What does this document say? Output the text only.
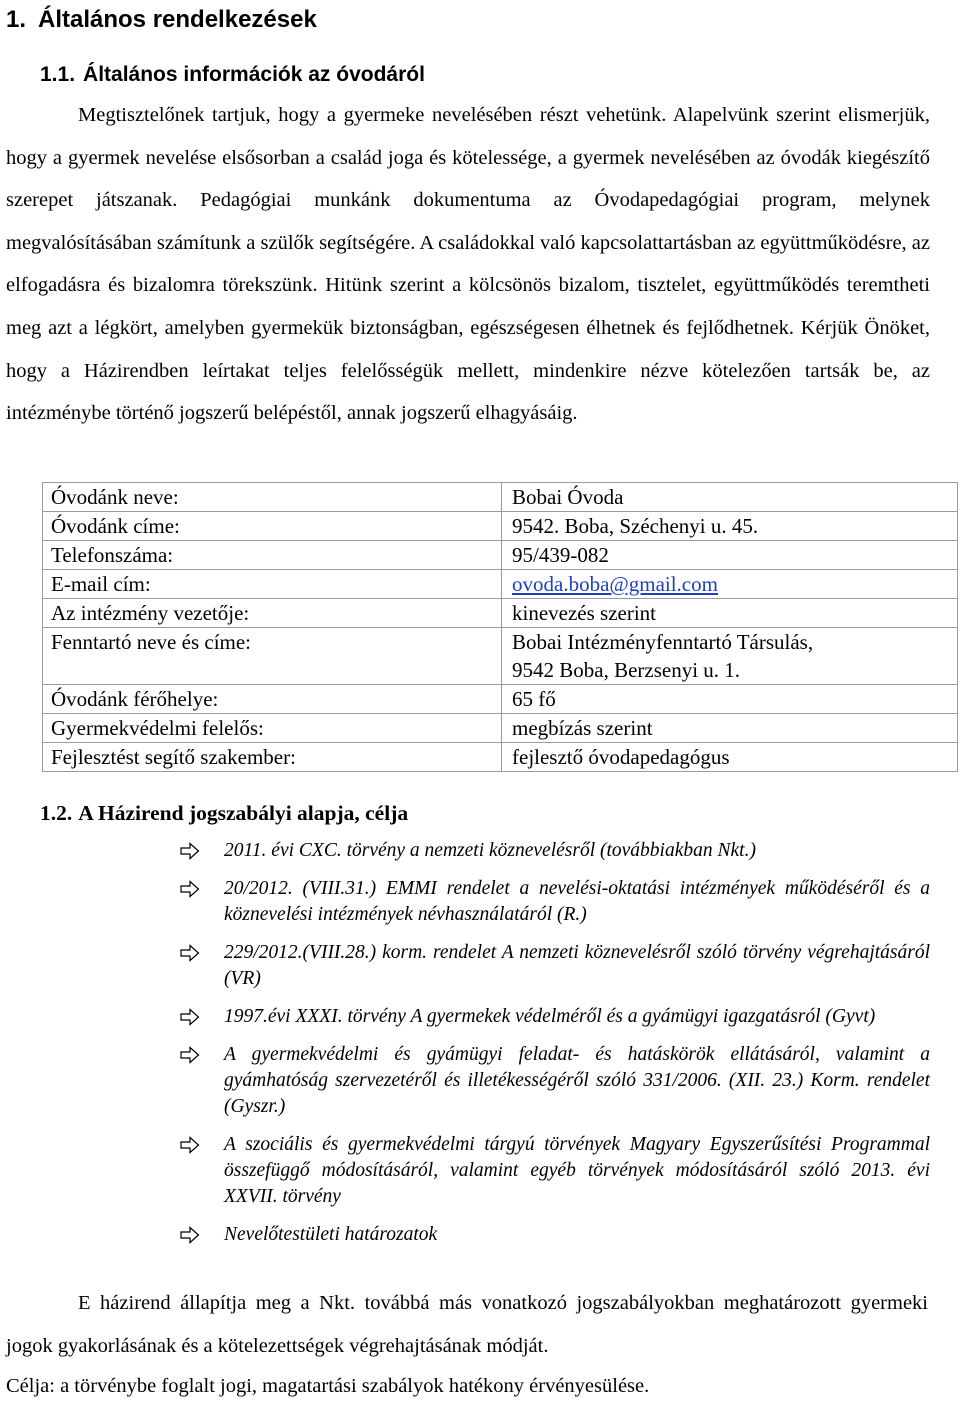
1. Általános rendelkezések
1.1. Általános információk az óvodáról

Megtisztelőnek tartjuk, hogy a gyermeke nevelésében részt vehetünk. Alapelvünk szerint elismerjük, hogy a gyermek nevelése elsősorban a család joga és kötelessége, a gyermek nevelésében az óvodák kiegészítő szerepet játszanak. Pedagógiai munkánk dokumentuma az Óvodapedagógiai program, melynek megvalósításában számítunk a szülők segítségére. A családokkal való kapcsolattartásban az együttműködésre, az elfogadásra és bizalomra törekszünk. Hitünk szerint a kölcsönös bizalom, tisztelet, együttműködés teremtheti meg azt a légkört, amelyben gyermekük biztonságban, egészségesen élhetnek és fejlődhetnek. Kérjük Önöket, hogy a Házirendben leírtakat teljes felelősségük mellett, mindenkire nézve kötelezően tartsák be, az intézménybe történő jogszerű belépéstől, annak jogszerű elhagyásáig.

Óvodánk neve:	Bobai Óvoda
Óvodánk címe:	9542. Boba, Széchenyi u. 45.
Telefonszáma:	95/439-082
E-mail cím:	ovoda.boba@gmail.com
Az intézmény vezetője:	kinevezés szerint
Fenntartó neve és címe:	Bobai Intézményfenntartó Társulás,
9542 Boba, Berzsenyi u. 1.

Óvodánk férőhelye:	65 fő
Gyermekvédelmi felelős:	megbízás szerint
Fejlesztést segítő szakember:	fejlesztő óvodapedagógus
1.2. A Házirend jogszabályi alapja, célja
2011. évi CXC. törvény a nemzeti köznevelésről (továbbiakban Nkt.)
20/2012. (VIII.31.) EMMI rendelet a nevelési-oktatási intézmények működéséről és a köznevelési intézmények névhasználatáról (R.)
229/2012.(VIII.28.) korm. rendelet A nemzeti köznevelésről szóló törvény végrehajtásáról (VR)
1997.évi XXXI. törvény A gyermekek védelméről és a gyámügyi igazgatásról (Gyvt)
A gyermekvédelmi és gyámügyi feladat- és hatáskörök ellátásáról, valamint a gyámhatóság szervezetéről és illetékességéről szóló 331/2006. (XII. 23.) Korm. rendelet (Gyszr.)
A szociális és gyermekvédelmi tárgyú törvények Magyary Egyszerűsítési Programmal összefüggő módosításáról, valamint egyéb törvények módosításáról szóló 2013. évi XXVII. törvény
Nevelőtestületi határozatok

E házirend állapítja meg a Nkt. továbbá más vonatkozó jogszabályokban meghatározott gyermeki jogok gyakorlásának és a kötelezettségek végrehajtásának módját.

Célja: a törvénybe foglalt jogi, magatartási szabályok hatékony érvényesülése.
